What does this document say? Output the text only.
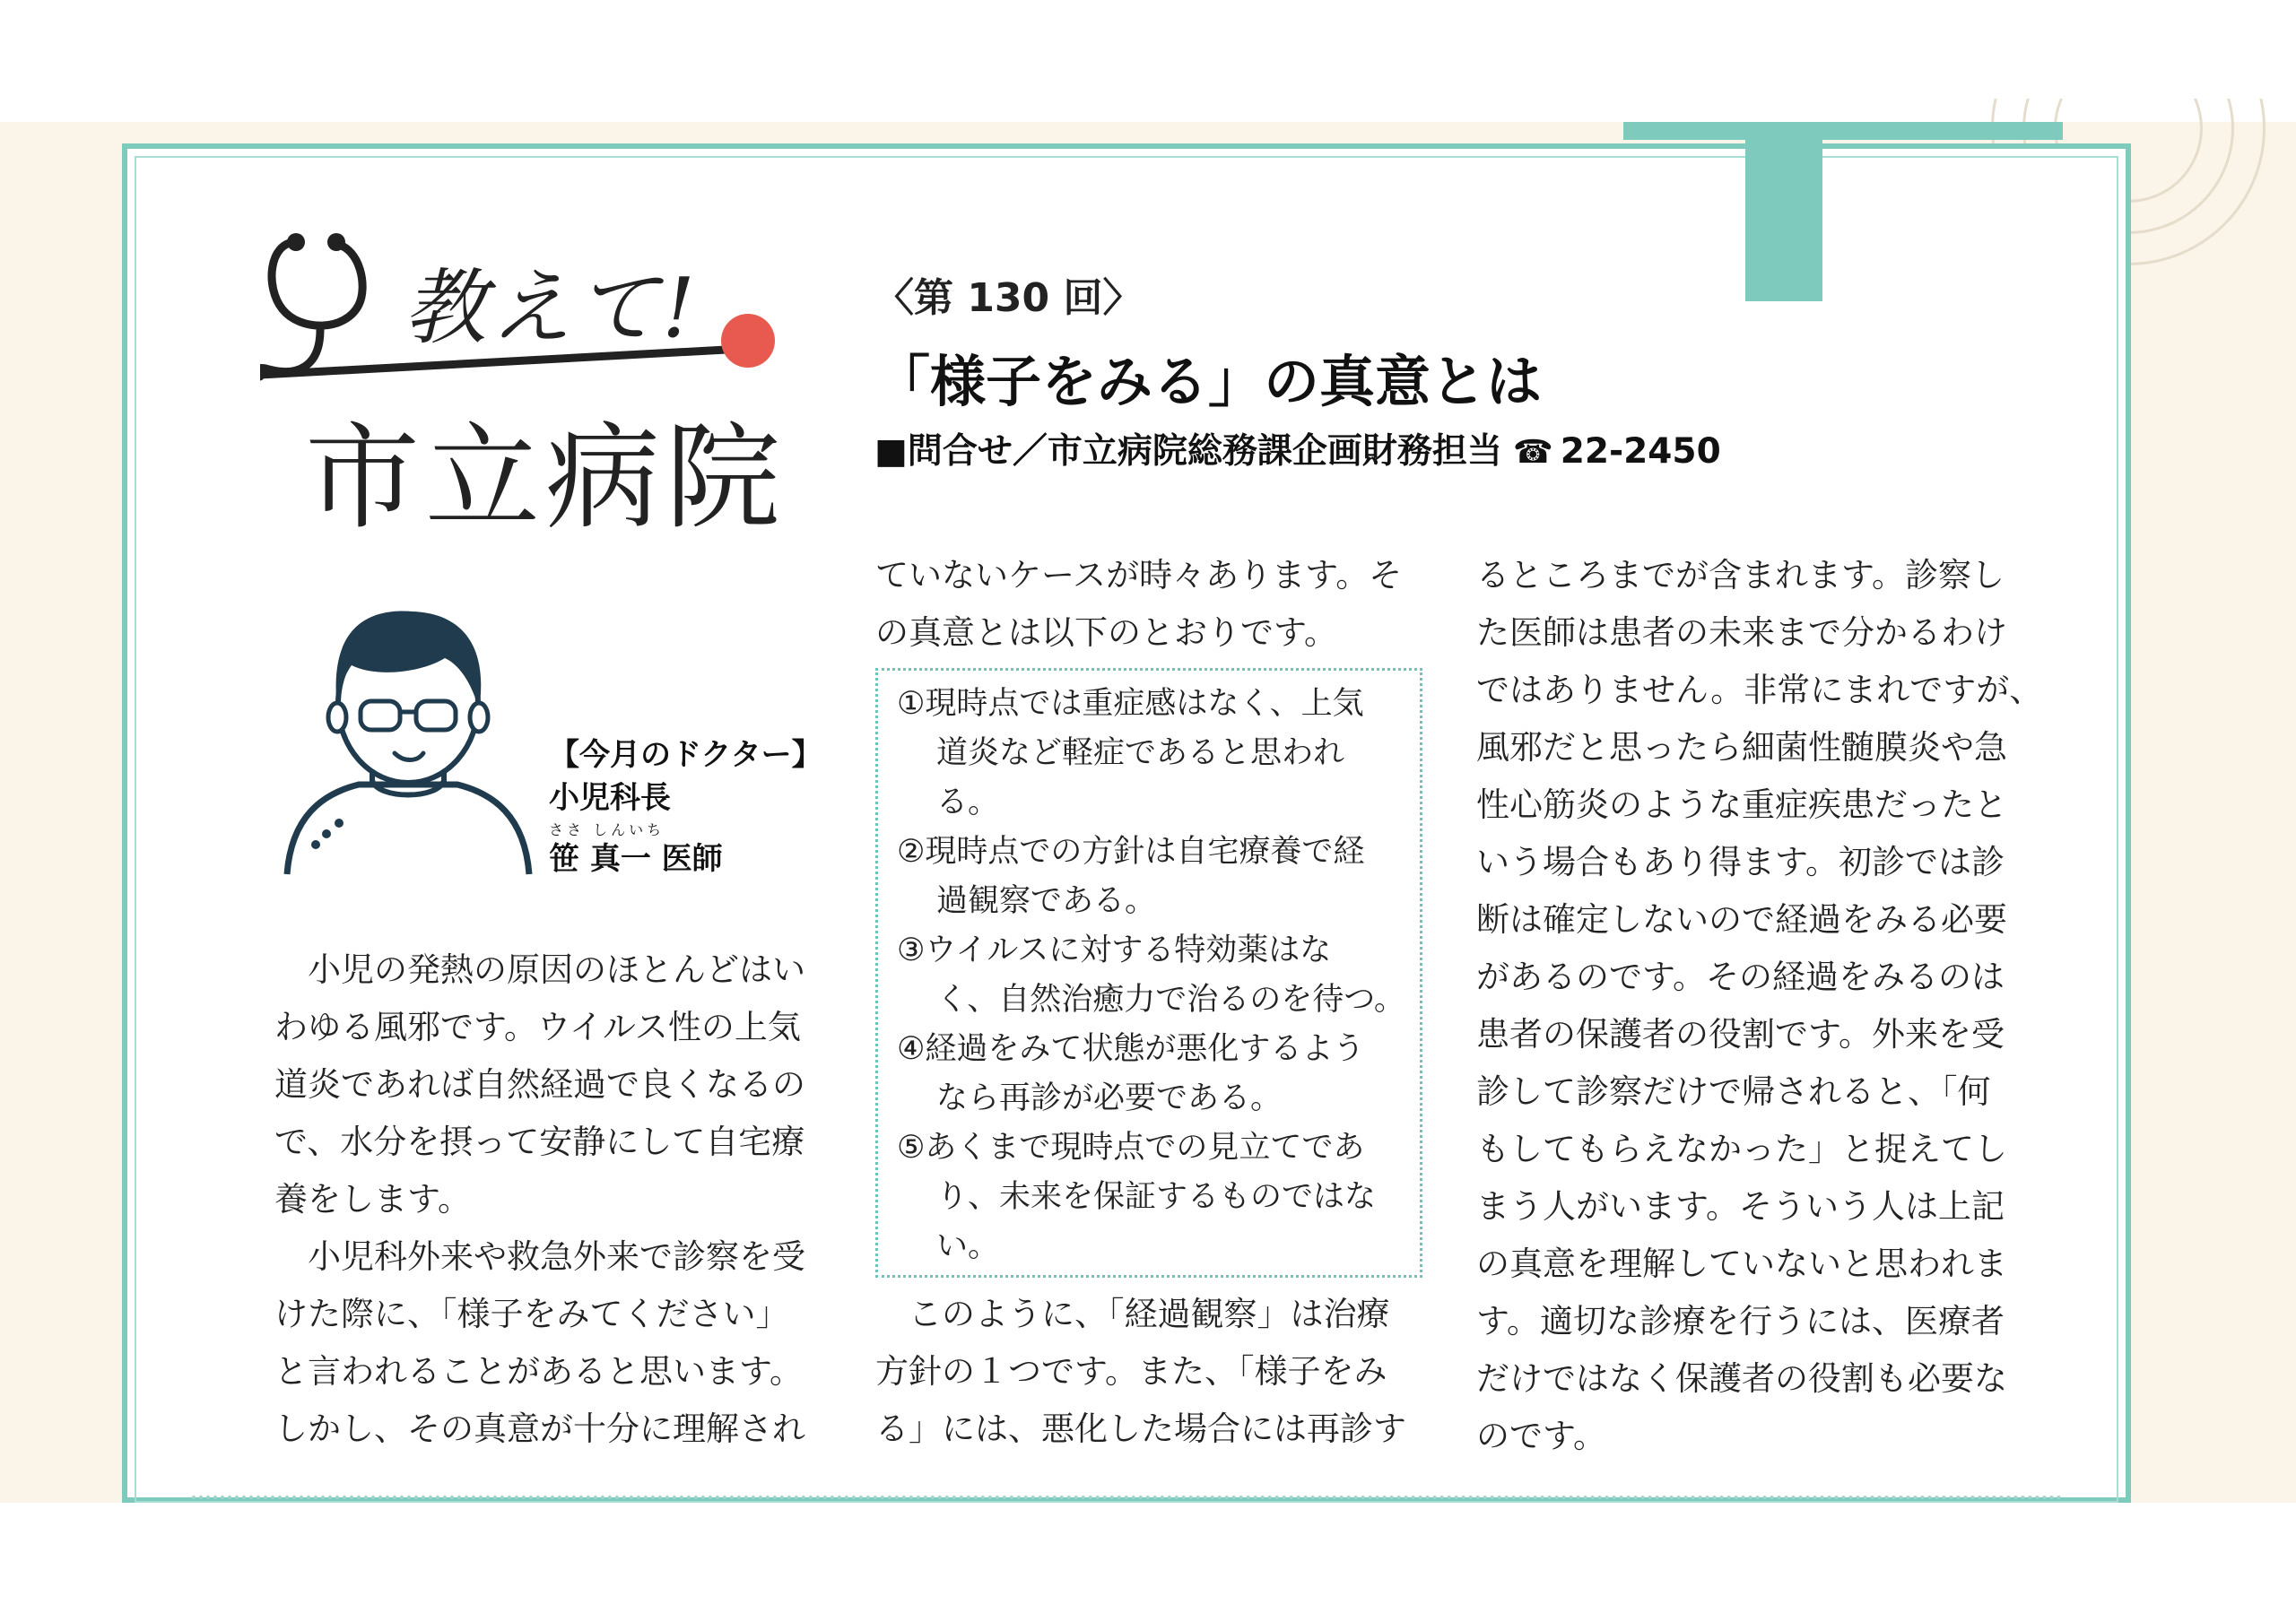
教えて!
市立病院
〈第 130 回〉
「様子をみる」の真意とは
■問合せ／市立病院総務課企画財務担当 ☎ 22-2450
【今月のドクター】
小児科長
ささ しんいち
笹 真一 医師
小児の発熱の原因のほとんどはい
わゆる風邪です。ウイルス性の上気
道炎であれば自然経過で良くなるの
で、水分を摂って安静にして自宅療
養をします。
小児科外来や救急外来で診察を受
けた際に、「様子をみてください」
と言われることがあると思います。
しかし、その真意が十分に理解され
ていないケースが時々あります。そ
の真意とは以下のとおりです。
①現時点では重症感はなく、上気
道炎など軽症であると思われ
る。
②現時点での方針は自宅療養で経
過観察である。
③ウイルスに対する特効薬はな
く、自然治癒力で治るのを待つ。
④経過をみて状態が悪化するよう
なら再診が必要である。
⑤あくまで現時点での見立てであ
り、未来を保証するものではな
い。
このように、「経過観察」は治療
方針の１つです。また、「様子をみ
る」には、悪化した場合には再診す
るところまでが含まれます。診察し
た医師は患者の未来まで分かるわけ
ではありません。非常にまれですが、
風邪だと思ったら細菌性髄膜炎や急
性心筋炎のような重症疾患だったと
いう場合もあり得ます。初診では診
断は確定しないので経過をみる必要
があるのです。その経過をみるのは
患者の保護者の役割です。外来を受
診して診察だけで帰されると、「何
もしてもらえなかった」と捉えてし
まう人がいます。そういう人は上記
の真意を理解していないと思われま
す。適切な診療を行うには、医療者
だけではなく保護者の役割も必要な
のです。
